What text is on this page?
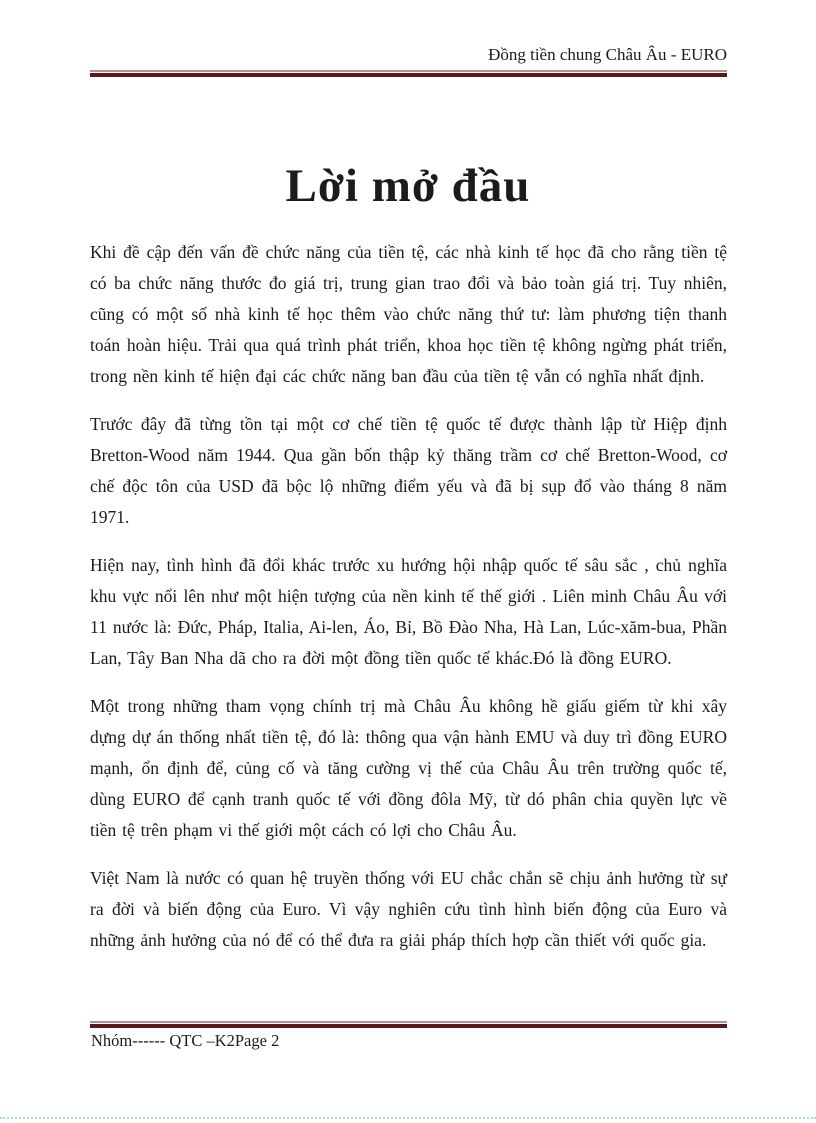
Đồng tiền chung Châu Âu - EURO
Lời mở đầu

Khi đề cập đến vấn đề chức năng của tiền tệ, các nhà kinh tế học đã cho rằng tiền tệ có ba chức năng thước đo giá trị, trung gian trao đổi và bảo toàn giá trị. Tuy nhiên, cũng có một số nhà kinh tế học thêm vào chức năng thứ tư: làm phương tiện thanh toán hoàn hiệu. Trải qua quá trình phát triển, khoa học tiền tệ không ngừng phát triển, trong nền kinh tế hiện đại các chức năng ban đầu của tiền tệ vẫn có nghĩa nhất định.

Trước đây đã từng tồn tại một cơ chế tiền tệ quốc tế được thành lập từ Hiệp định Bretton-Wood năm 1944. Qua gần bốn thập kỷ thăng trầm cơ chế Bretton-Wood, cơ chế độc tôn của USD đã bộc lộ những điểm yếu và đã bị sụp đổ vào tháng 8 năm 1971.

Hiện nay, tình hình đã đổi khác trước xu hướng hội nhập quốc tế sâu sắc , chủ nghĩa khu vực nổi lên như một hiện tượng của nền kinh tế thế giới . Liên minh Châu Âu với 11 nước là: Đức, Pháp, Italia, Ai-len, Áo, Bỉ, Bồ Đào Nha, Hà Lan, Lúc-xăm-bua, Phần Lan, Tây Ban Nha dã cho ra đời một đồng tiền quốc tế khác.Đó là đồng EURO.

Một trong những tham vọng chính trị mà Châu Âu không hề giấu giếm từ khi xây dựng dự án thống nhất tiền tệ, đó là: thông qua vận hành EMU và duy trì đồng EURO mạnh, ổn định để, củng cố và tăng cường vị thế của Châu Âu trên trường quốc tế, dùng EURO để cạnh tranh quốc tế với đồng đôla Mỹ, từ dó phân chia quyền lực về tiền tệ trên phạm vi thế giới một cách có lợi cho Châu Âu.

Việt Nam là nước có quan hệ truyền thống với EU chắc chắn sẽ chịu ảnh hưởng từ sự ra đời và biến động của Euro. Vì vậy nghiên cứu tình hình biến động của Euro và những ảnh hưởng của nó để có thể đưa ra giải pháp thích hợp cần thiết với quốc gia.

Nhóm------ QTC –K2Page 2
